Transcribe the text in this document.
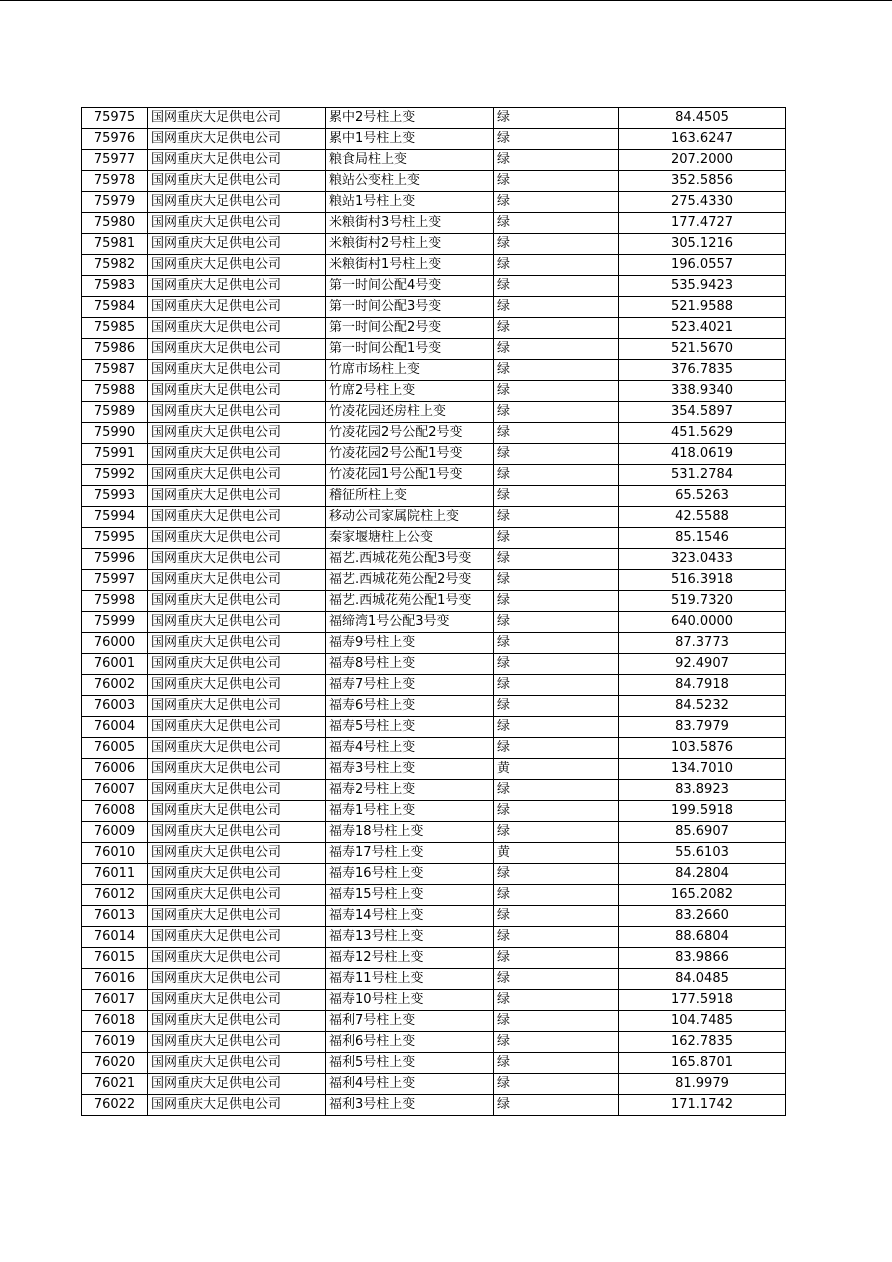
75975	国网重庆大足供电公司	累中2号柱上变	绿	84.4505
75976	国网重庆大足供电公司	累中1号柱上变	绿	163.6247
75977	国网重庆大足供电公司	粮食局柱上变	绿	207.2000
75978	国网重庆大足供电公司	粮站公变柱上变	绿	352.5856
75979	国网重庆大足供电公司	粮站1号柱上变	绿	275.4330
75980	国网重庆大足供电公司	米粮街村3号柱上变	绿	177.4727
75981	国网重庆大足供电公司	米粮街村2号柱上变	绿	305.1216
75982	国网重庆大足供电公司	米粮街村1号柱上变	绿	196.0557
75983	国网重庆大足供电公司	第一时间公配4号变	绿	535.9423
75984	国网重庆大足供电公司	第一时间公配3号变	绿	521.9588
75985	国网重庆大足供电公司	第一时间公配2号变	绿	523.4021
75986	国网重庆大足供电公司	第一时间公配1号变	绿	521.5670
75987	国网重庆大足供电公司	竹席市场柱上变	绿	376.7835
75988	国网重庆大足供电公司	竹席2号柱上变	绿	338.9340
75989	国网重庆大足供电公司	竹凌花园还房柱上变	绿	354.5897
75990	国网重庆大足供电公司	竹凌花园2号公配2号变	绿	451.5629
75991	国网重庆大足供电公司	竹凌花园2号公配1号变	绿	418.0619
75992	国网重庆大足供电公司	竹凌花园1号公配1号变	绿	531.2784
75993	国网重庆大足供电公司	稽征所柱上变	绿	65.5263
75994	国网重庆大足供电公司	移动公司家属院柱上变	绿	42.5588
75995	国网重庆大足供电公司	秦家堰塘柱上公变	绿	85.1546
75996	国网重庆大足供电公司	福艺.西城花苑公配3号变	绿	323.0433
75997	国网重庆大足供电公司	福艺.西城花苑公配2号变	绿	516.3918
75998	国网重庆大足供电公司	福艺.西城花苑公配1号变	绿	519.7320
75999	国网重庆大足供电公司	福缔湾1号公配3号变	绿	640.0000
76000	国网重庆大足供电公司	福寿9号柱上变	绿	87.3773
76001	国网重庆大足供电公司	福寿8号柱上变	绿	92.4907
76002	国网重庆大足供电公司	福寿7号柱上变	绿	84.7918
76003	国网重庆大足供电公司	福寿6号柱上变	绿	84.5232
76004	国网重庆大足供电公司	福寿5号柱上变	绿	83.7979
76005	国网重庆大足供电公司	福寿4号柱上变	绿	103.5876
76006	国网重庆大足供电公司	福寿3号柱上变	黄	134.7010
76007	国网重庆大足供电公司	福寿2号柱上变	绿	83.8923
76008	国网重庆大足供电公司	福寿1号柱上变	绿	199.5918
76009	国网重庆大足供电公司	福寿18号柱上变	绿	85.6907
76010	国网重庆大足供电公司	福寿17号柱上变	黄	55.6103
76011	国网重庆大足供电公司	福寿16号柱上变	绿	84.2804
76012	国网重庆大足供电公司	福寿15号柱上变	绿	165.2082
76013	国网重庆大足供电公司	福寿14号柱上变	绿	83.2660
76014	国网重庆大足供电公司	福寿13号柱上变	绿	88.6804
76015	国网重庆大足供电公司	福寿12号柱上变	绿	83.9866
76016	国网重庆大足供电公司	福寿11号柱上变	绿	84.0485
76017	国网重庆大足供电公司	福寿10号柱上变	绿	177.5918
76018	国网重庆大足供电公司	福利7号柱上变	绿	104.7485
76019	国网重庆大足供电公司	福利6号柱上变	绿	162.7835
76020	国网重庆大足供电公司	福利5号柱上变	绿	165.8701
76021	国网重庆大足供电公司	福利4号柱上变	绿	81.9979
76022	国网重庆大足供电公司	福利3号柱上变	绿	171.1742
